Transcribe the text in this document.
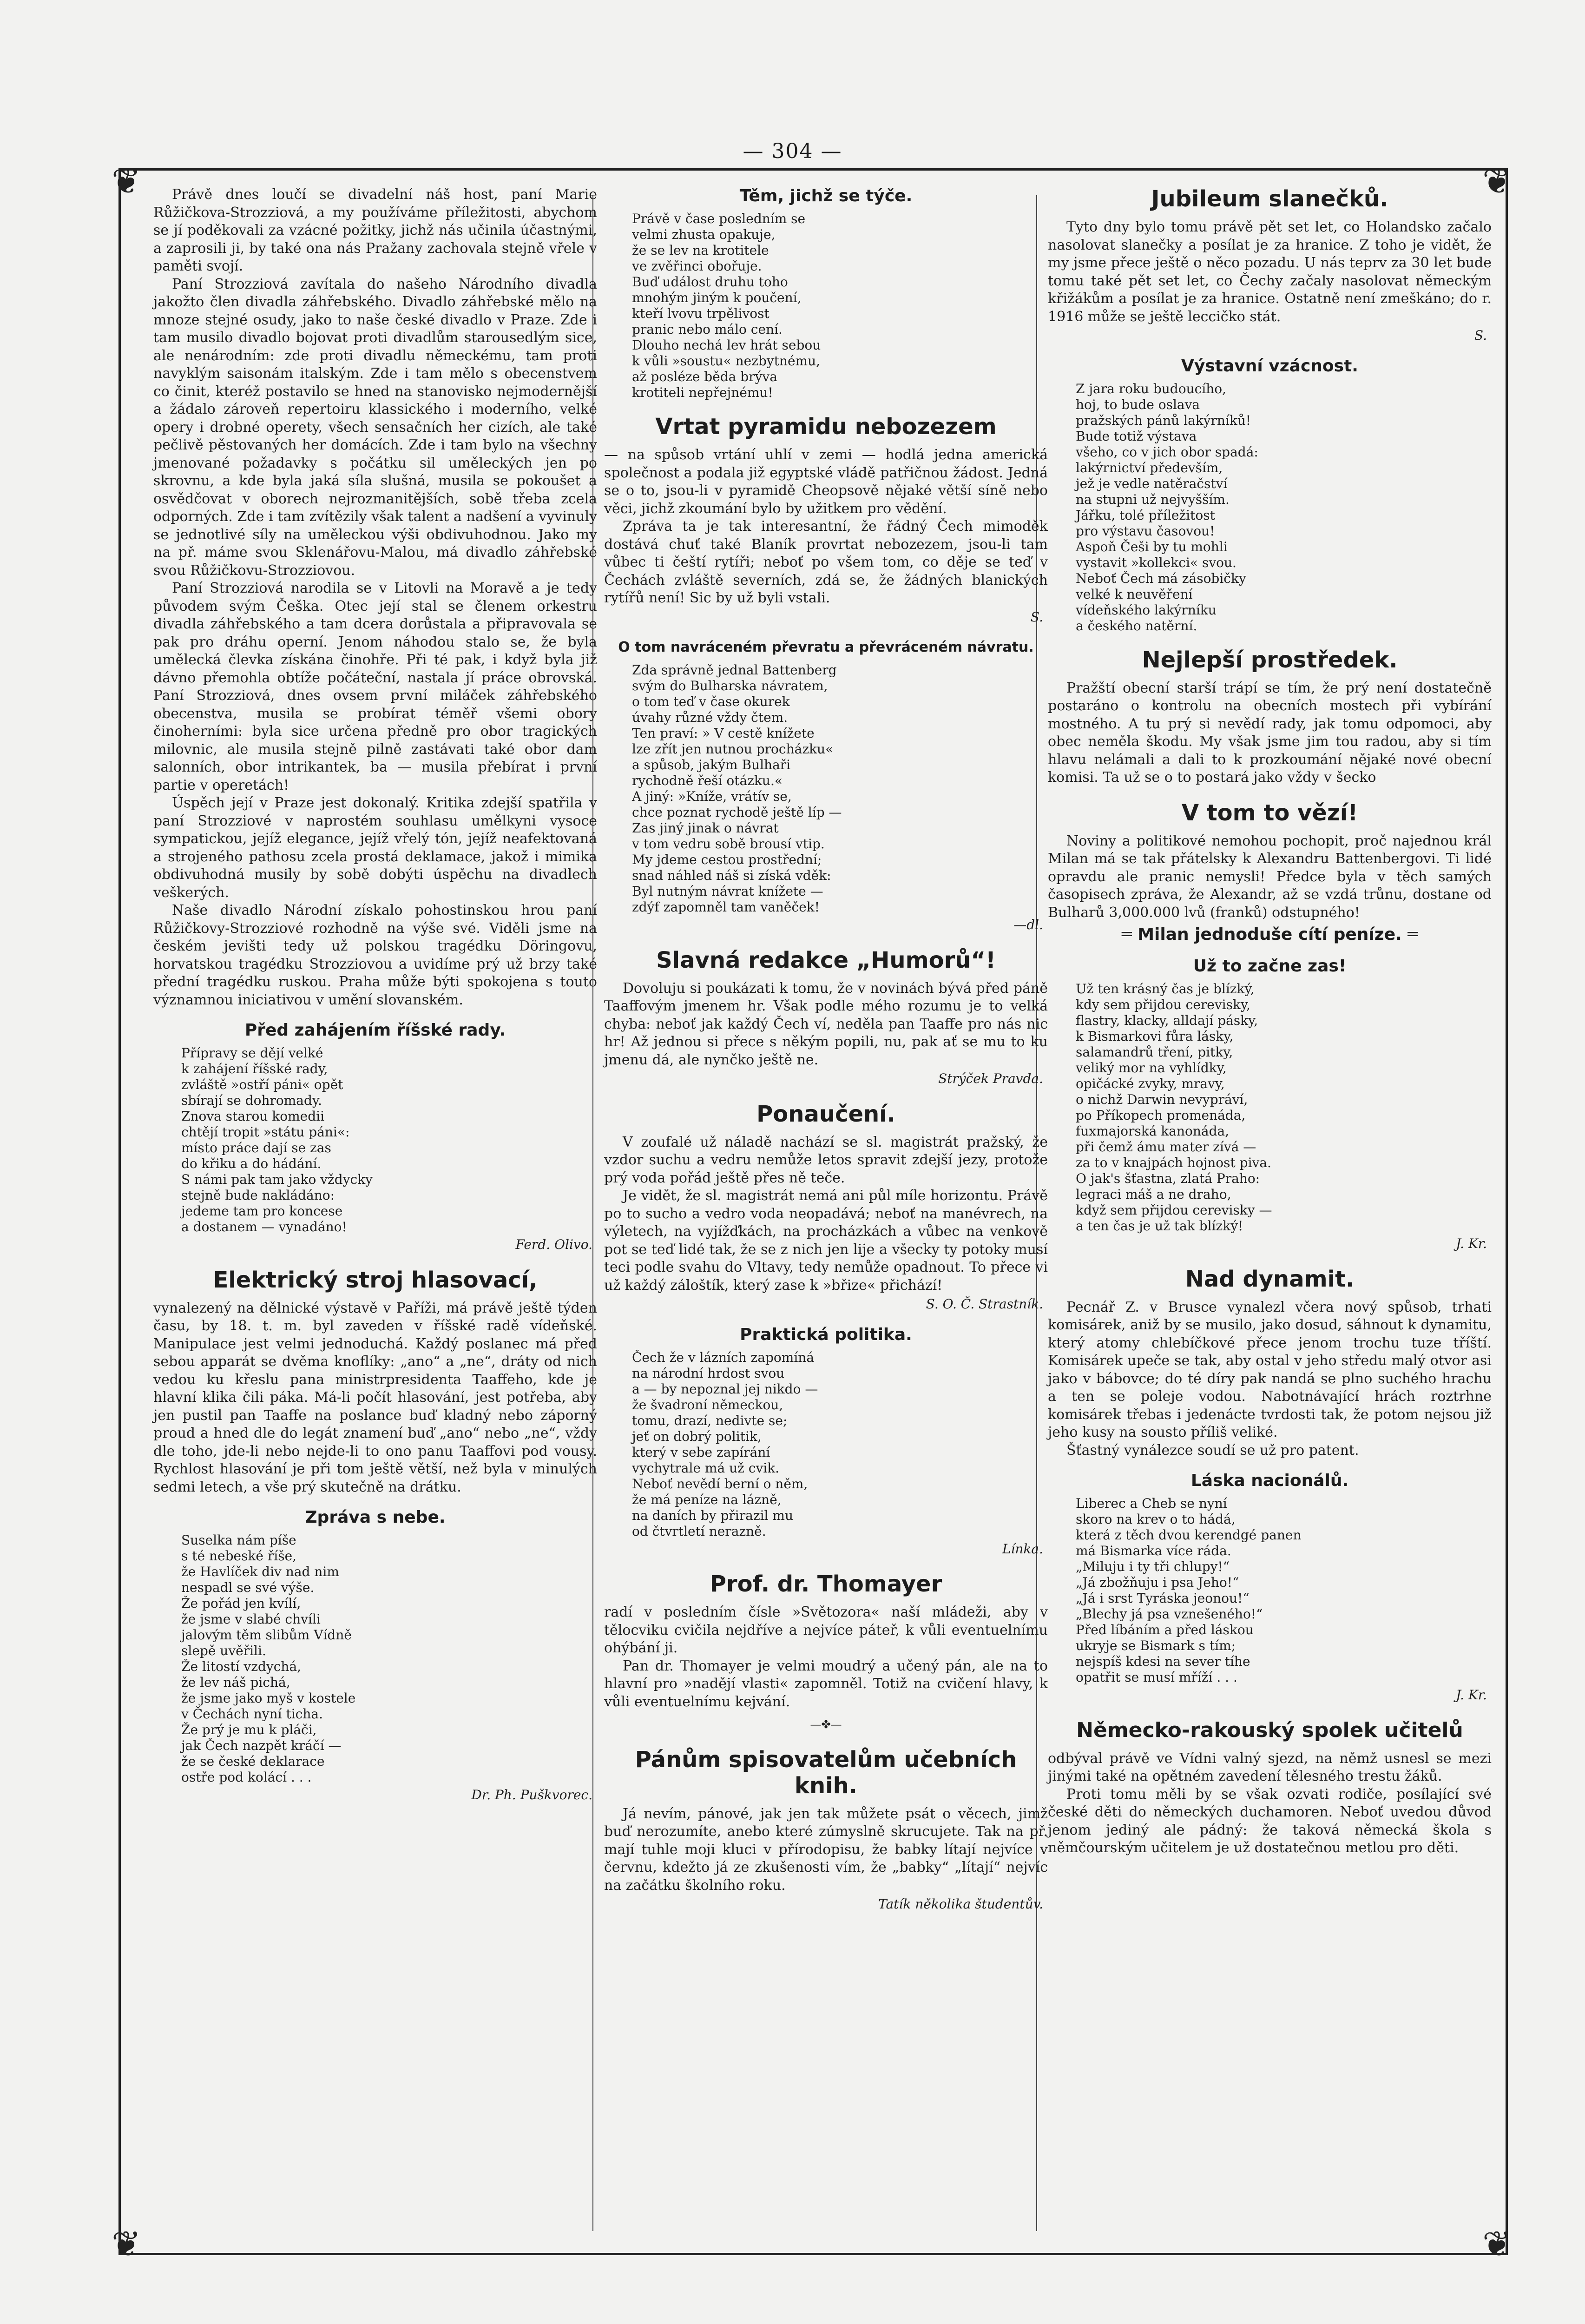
— 304 —
❦	❦
❦	❦

Právě dnes loučí se divadelní náš host, paní Marie Růžičkova-Strozziová, a my používáme příležitosti, abychom se jí poděkovali za vzácné požitky, jichž nás učinila účastnými, a zaprosili ji, by také ona nás Pražany zachovala stejně vřele v paměti svojí.

Paní Strozziová zavítala do našeho Národního divadla jakožto člen divadla záhřebského. Divadlo záhřebské mělo na mnoze stejné osudy, jako to naše české divadlo v Praze. Zde i tam musilo divadlo bojovat proti divadlům starousedlým sice, ale nenárodním: zde proti divadlu německému, tam proti navyklým saisonám italským. Zde i tam mělo s obecenstvem co činit, kteréž postavilo se hned na stanovisko nejmodernější a žádalo zároveň repertoiru klassického i moderního, velké opery i drobné operety, všech sensačních her cizích, ale také pečlivě pěstovaných her domácích. Zde i tam bylo na všechny jmenované požadavky s počátku sil uměleckých jen po skrovnu, a kde byla jaká síla slušná, musila se pokoušet a osvědčovat v oborech nejrozmanitějších, sobě třeba zcela odporných. Zde i tam zvítězily však talent a nadšení a vyvinuly se jednotlivé síly na uměleckou výši obdivuhodnou. Jako my na př. máme svou Sklenářovu-Malou, má divadlo záhřebské svou Růžičkovu-Strozziovou.

Paní Strozziová narodila se v Litovli na Moravě a je tedy původem svým Češka. Otec její stal se členem orkestru divadla záhřebského a tam dcera dorůstala a připravovala se pak pro dráhu operní. Jenom náhodou stalo se, že byla umělecká člevka získána činohře. Při té pak, i když byla již dávno přemohla obtíže počáteční, nastala jí práce obrovská. Paní Strozziová, dnes ovsem první miláček záhřebského obecenstva, musila se probírat téměř všemi obory činoherními: byla sice určena předně pro obor tragických milovnic, ale musila stejně pilně zastávati také obor dam salonních, obor intrikantek, ba — musila přebírat i první partie v operetách!

Úspěch její v Praze jest dokonalý. Kritika zdejší spatřila v paní Strozziové v naprostém souhlasu umělkyni vysoce sympatickou, jejíž elegance, jejíž vřelý tón, jejíž neafektovaná a strojeného pathosu zcela prostá deklamace, jakož i mimika obdivuhodná musily by sobě dobýti úspěchu na divadlech veškerých.

Naše divadlo Národní získalo pohostinskou hrou paní Růžičkovy-Strozziové rozhodně na výše své. Viděli jsme na českém jevišti tedy už polskou tragédku Döringovu, horvatskou tragédku Strozziovou a uvidíme prý už brzy také přední tragédku ruskou. Praha může býti spokojena s touto významnou iniciativou v umění slovanském.

Před zahájením říšské rady.
Přípravy se dějí velké
k zahájení říšské rady,
zvláště »ostří páni« opět
sbírají se dohromady.
Znova starou komedii
chtějí tropit »státu páni«:
místo práce dají se zas
do křiku a do hádání.
S námi pak tam jako vždycky
stejně bude nakládáno:
jedeme tam pro koncese
a dostanem — vynadáno!
Ferd. Olivo.
Elektrický stroj hlasovací,

vynalezený na dělnické výstavě v Paříži, má právě ještě týden času, by 18. t. m. byl zaveden v říšské radě vídeňské. Manipulace jest velmi jednoduchá. Každý poslanec má před sebou apparát se dvěma knoflíky: „ano“ a „ne“, dráty od nich vedou ku křeslu pana ministrpresidenta Taaffeho, kde je hlavní klika čili páka. Má-li počít hlasování, jest potřeba, aby jen pustil pan Taaffe na poslance buď kladný nebo záporný proud a hned dle do legát znamení buď „ano“ nebo „ne“, vždy dle toho, jde-li nebo nejde-li to ono panu Taaffovi pod vousy. Rychlost hlasování je při tom ještě větší, než byla v minulých sedmi letech, a vše prý skutečně na drátku.

Zpráva s nebe.
Suselka nám píše
s té nebeské říše,
že Havlíček div nad nim
nespadl se své výše.
Že pořád jen kvílí,
že jsme v slabé chvíli
jalovým těm slibům Vídně
slepě uvěřili.
Že litostí vzdychá,
že lev náš pichá,
že jsme jako myš v kostele
v Čechách nyní ticha.
Že prý je mu k pláči,
jak Čech nazpět kráčí —
že se české deklarace
ostře pod kolácí . . .
Dr. Ph. Puškvorec.
Těm, jichž se týče.
Právě v čase posledním se
velmi zhusta opakuje,
že se lev na krotitele
ve zvěřinci obořuje.
Buď událost druhu toho
mnohým jiným k poučení,
kteří lvovu trpělivost
pranic nebo málo cení.
Dlouho nechá lev hrát sebou
k vůli »soustu« nezbytnému,
až posléze běda brýva
krotiteli nepřejnému!
Vrtat pyramidu nebozezem

— na spůsob vrtání uhlí v zemi — hodlá jedna americká společnost a podala již egyptské vládě patřičnou žádost. Jedná se o to, jsou-li v pyramidě Cheopsově nějaké větší síně nebo věci, jichž zkoumání bylo by užitkem pro vědění.

Zpráva ta je tak interesantní, že řádný Čech mimoděk dostává chuť také Blaník provrtat nebozezem, jsou-li tam vůbec ti čeští rytíři; neboť po všem tom, co děje se teď v Čechách zvláště severních, zdá se, že žádných blanických rytířů není! Sic by už byli vstali.

S.
O tom navráceném převratu a převráceném návratu.
Zda správně jednal Battenberg
svým do Bulharska návratem,
o tom teď v čase okurek
úvahy různé vždy čtem.
Ten praví: » V cestě knížete
lze zřít jen nutnou procházku«
a spůsob, jakým Bulhaři
rychodně řeší otázku.«
A jiný: »Kníže, vrátív se,
chce poznat rychodě ještě líp —
Zas jiný jinak o návrat
v tom vedru sobě brousí vtip.
My jdeme cestou prostřední;
snad náhled náš si získá vděk:
Byl nutným návrat knížete —
zdýf zapomněl tam vaněček!
—dl.
Slavná redakce „Humorů“!

Dovoluju si poukázati k tomu, že v novinách bývá před páně Taaffovým jmenem hr. Však podle mého rozumu je to velká chyba: neboť jak každý Čech ví, neděla pan Taaffe pro nás nic hr! Až jednou si přece s někým popili, nu, pak ať se mu to ku jmenu dá, ale nynčko ještě ne.

Strýček Pravda.
Ponaučení.

V zoufalé už náladě nachází se sl. magistrát pražský, že vzdor suchu a vedru nemůže letos spravit zdejší jezy, protože prý voda pořád ještě přes ně teče.

Je vidět, že sl. magistrát nemá ani půl míle horizontu. Právě po to sucho a vedro voda neopadává; neboť na manévrech, na výletech, na vyjížďkách, na procházkách a vůbec na venkově pot se teď lidé tak, že se z nich jen lije a všecky ty potoky musí teci podle svahu do Vltavy, tedy nemůže opadnout. To přece vi už každý záloštík, který zase k »břize« přichází!

S. O. Č. Strastník.
Praktická politika.
Čech že v lázních zapomíná
na národní hrdost svou
a — by nepoznal jej nikdo —
že švadroní německou,
tomu, drazí, nedivte se;
jeť on dobrý politik,
který v sebe zapírání
vychytrale má už cvik.
Neboť nevědí berní o něm,
že má peníze na lázně,
na daních by přirazil mu
od čtvrtletí nerazně.
Línka.
Prof. dr. Thomayer

radí v posledním čísle »Světozora« naší mládeži, aby v tělocviku cvičila nejdříve a nejvíce páteř, k vůli eventuelnímu ohýbání ji.

Pan dr. Thomayer je velmi moudrý a učený pán, ale na to hlavní pro »nadějí vlasti« zapomněl. Totiž na cvičení hlavy, k vůli eventuelnímu kejvání.

—✤—
Pánům spisovatelům učebních knih.

Já nevím, pánové, jak jen tak můžete psát o věcech, jimž buď nerozumíte, anebo které zúmyslně skrucujete. Tak na př. mají tuhle moji kluci v přírodopisu, že babky lítají nejvíce v červnu, kdežto já ze zkušenosti vím, že „babky“ „lítají“ nejvíc na začátku školního roku.

Tatík několika študentův.
Jubileum slanečků.

Tyto dny bylo tomu právě pět set let, co Holandsko začalo nasolovat slanečky a posílat je za hranice. Z toho je vidět, že my jsme přece ještě o něco pozadu. U nás teprv za 30 let bude tomu také pět set let, co Čechy začaly nasolovat německým křižákům a posílat je za hranice. Ostatně není zmeškáno; do r. 1916 může se ještě leccičko stát.

S.
Výstavní vzácnost.
Z jara roku budoucího,
hoj, to bude oslava
pražských pánů lakýrníků!
Bude totiž výstava
všeho, co v jich obor spadá:
lakýrnictví především,
jež je vedle natěračství
na stupni už nejvyšším.
Jářku, tolé příležitost
pro výstavu časovou!
Aspoň Češi by tu mohli
vystavit »kollekci« svou.
Neboť Čech má zásobičky
velké k neuvěření
vídeňského lakýrníku
a českého natěrní.
Nejlepší prostředek.

Pražští obecní starší trápí se tím, že prý není dostatečně postaráno o kontrolu na obecních mostech při vybírání mostného. A tu prý si nevědí rady, jak tomu odpomoci, aby obec neměla škodu. My však jsme jim tou radou, aby si tím hlavu nelámali a dali to k prozkoumání nějaké nové obecní komisi. Ta už se o to postará jako vždy v šecko

V tom to vězí!

Noviny a politikové nemohou pochopit, proč najednou král Milan má se tak přátelsky k Alexandru Battenbergovi. Ti lidé opravdu ale pranic nemysli! Předce byla v těch samých časopisech zpráva, že Alexandr, až se vzdá trůnu, dostane od Bulharů 3,000.000 lvů (franků) odstupného!

═ Milan jednoduše cítí peníze. ═
Už to začne zas!
Už ten krásný čas je blízký,
kdy sem přijdou cerevisky,
flastry, klacky, alldají pásky,
k Bismarkovi fůra lásky,
salamandrů tření, pitky,
veliký mor na vyhlídky,
opičácké zvyky, mravy,
o nichž Darwin nevypráví,
po Příkopech promenáda,
fuxmajorská kanonáda,
při čemž ámu mater zívá —
za to v knajpách hojnost piva.
O jak's šťastna, zlatá Praho:
legraci máš a ne draho,
když sem přijdou cerevisky —
a ten čas je už tak blízký!
J. Kr.
Nad dynamit.

Pecnář Z. v Brusce vynalezl včera nový spůsob, trhati komisárek, aniž by se musilo, jako dosud, sáhnout k dynamitu, který atomy chlebíčkové přece jenom trochu tuze tříští. Komisárek upeče se tak, aby ostal v jeho středu malý otvor asi jako v bábovce; do té díry pak nandá se plno suchého hrachu a ten se poleje vodou. Nabotnávající hrách roztrhne komisárek třebas i jedenácte tvrdosti tak, že potom nejsou již jeho kusy na sousto příliš veliké.

Šťastný vynálezce soudí se už pro patent.

Láska nacionálů.
Liberec a Cheb se nyní
skoro na krev o to hádá,
která z těch dvou kerendgé panen
má Bismarka více ráda.
„Miluju i ty tři chlupy!“
„Já zbožňuju i psa Jeho!“
„Já i srst Tyráska jeonou!“
„Blechy já psa vznešeného!“
Před líbáním a před láskou
ukryje se Bismark s tím;
nejspíš kdesi na sever tíhe
opatřit se musí mříží . . .
J. Kr.
Německo-rakouský spolek učitelů

odbýval právě ve Vídni valný sjezd, na němž usnesl se mezi jinými také na opětném zavedení tělesného trestu žáků.

Proti tomu měli by se však ozvati rodiče, posílající své české děti do německých duchamoren. Neboť uvedou důvod jenom jediný ale pádný: že taková německá škola s němčourským učitelem je už dostatečnou metlou pro děti.
